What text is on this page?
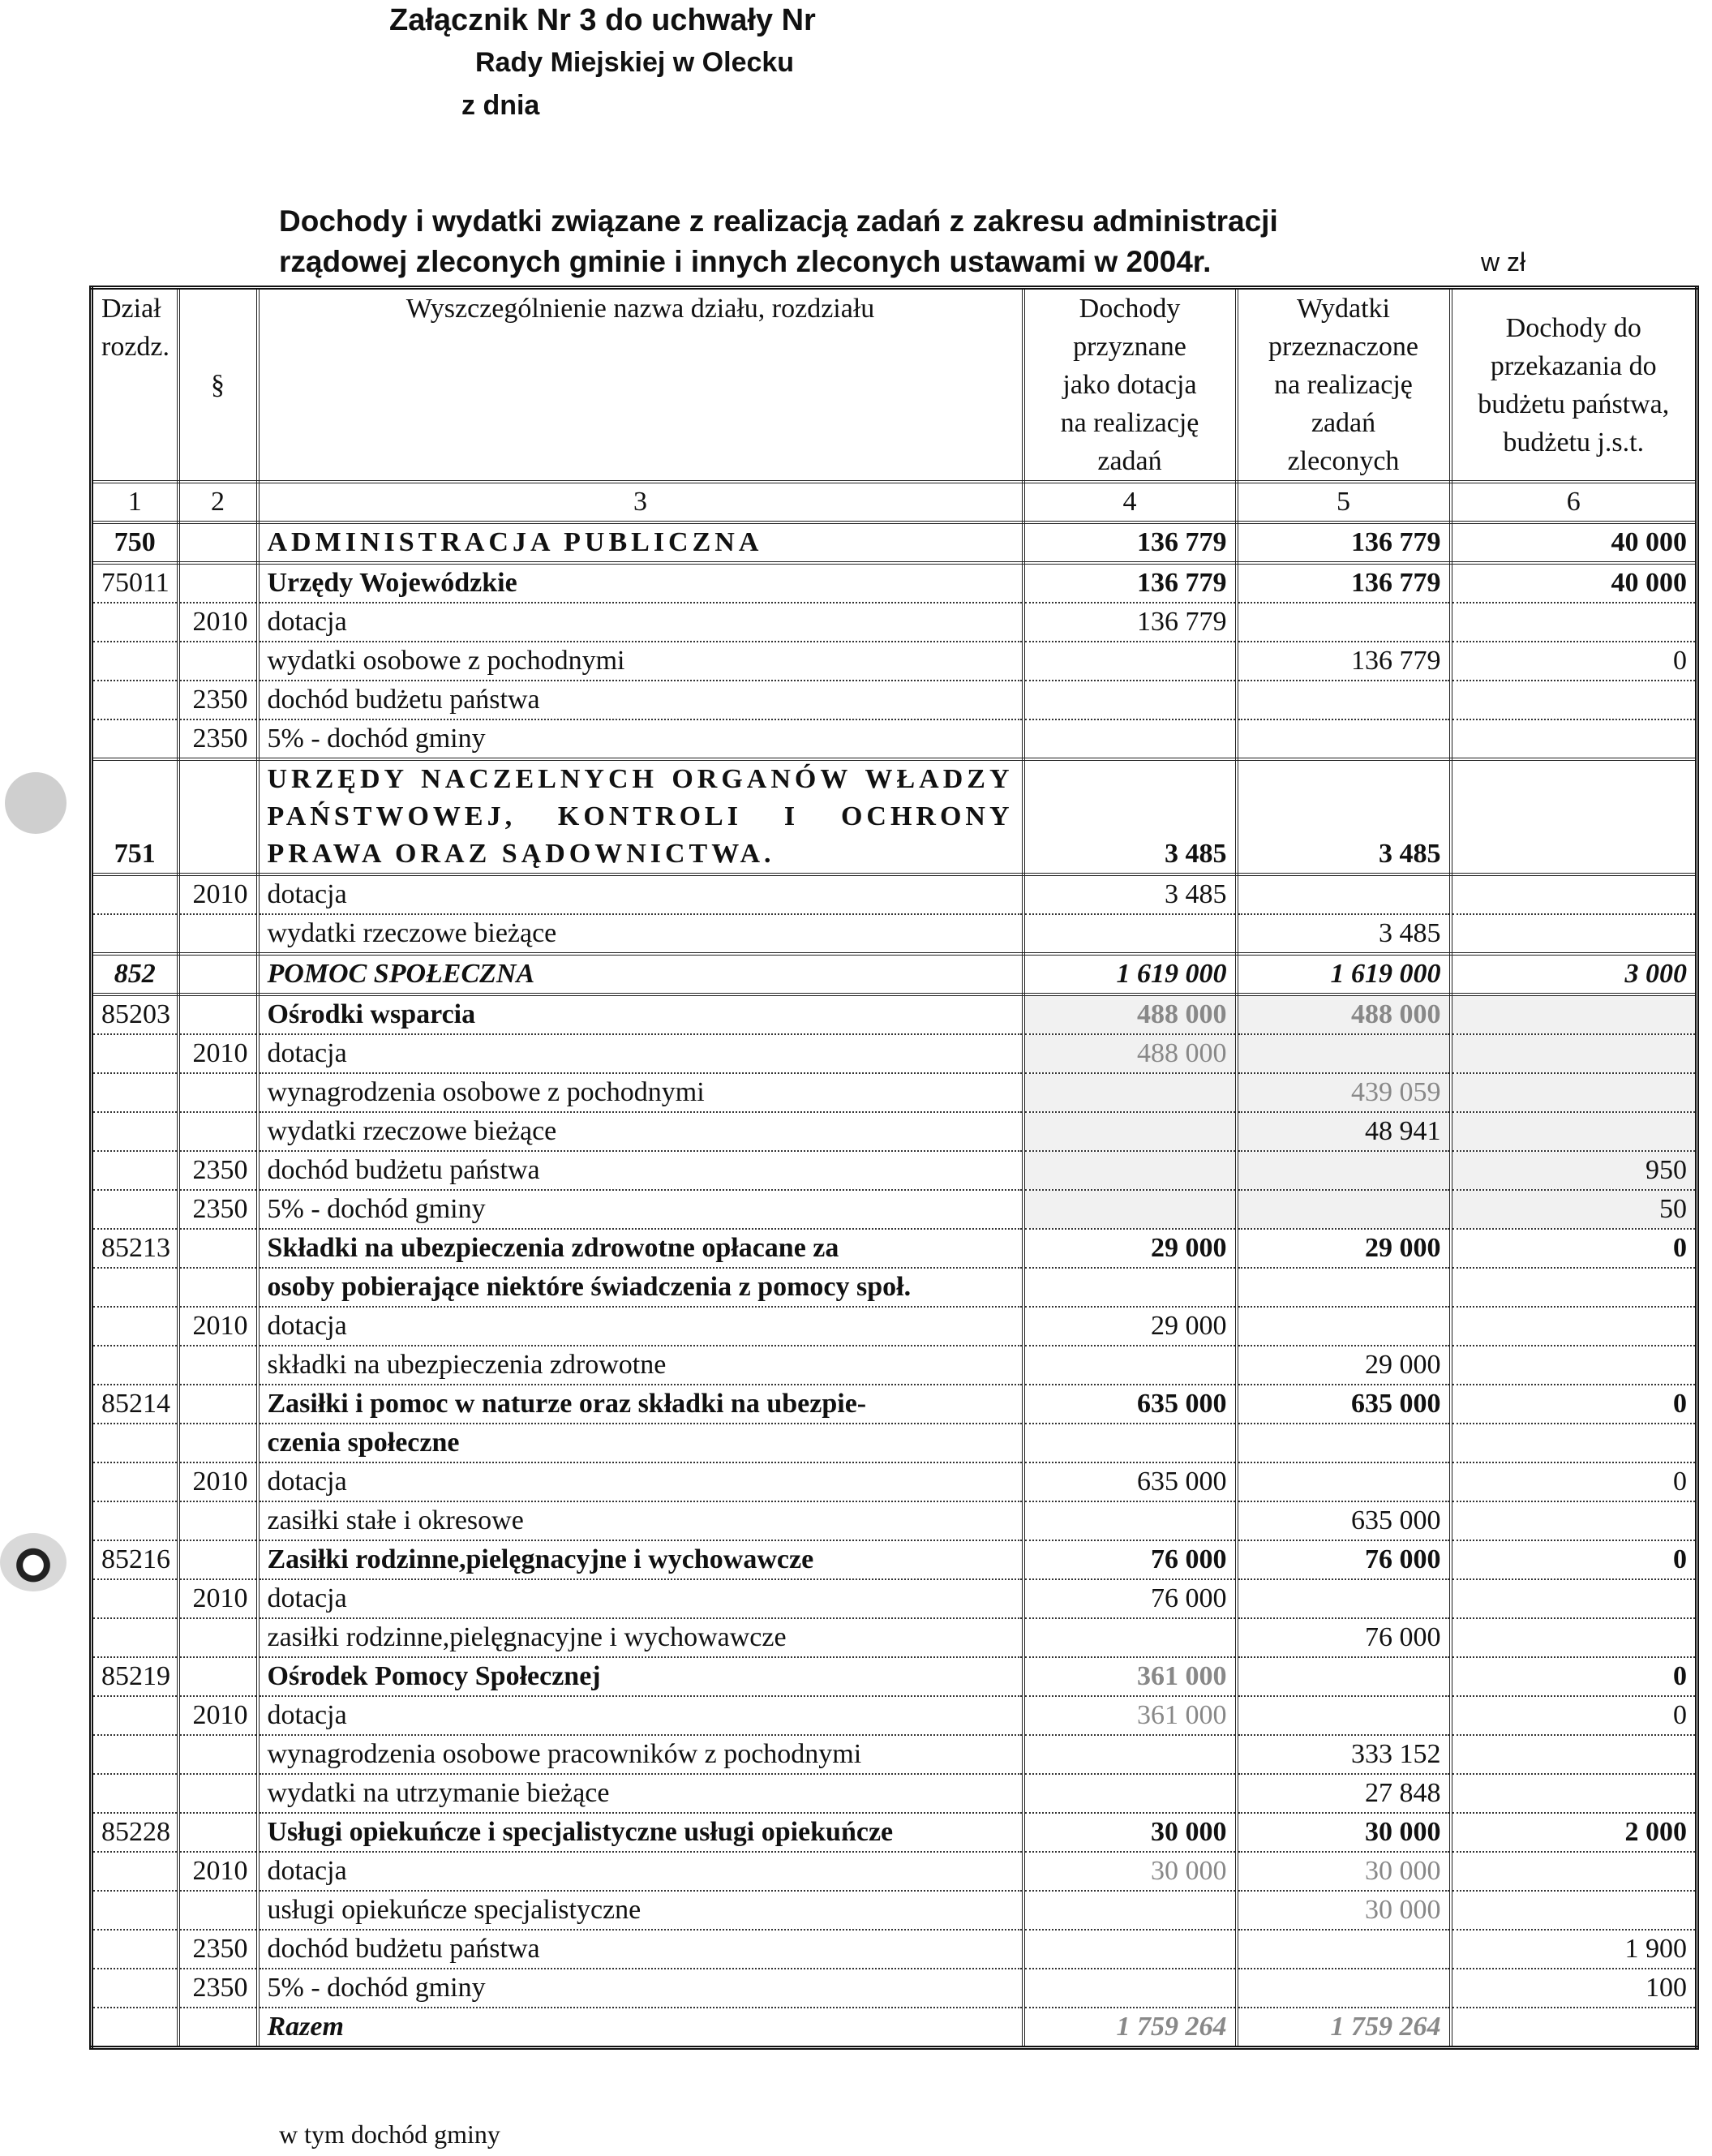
Załącznik Nr 3 do uchwały Nr
Rady Miejskiej w Olecku
z dnia
Dochody i wydatki związane z realizacją zadań z zakresu administracji
rządowej zleconych gminie i innych zleconych ustawami w 2004r.	w zł
Dział rozdz.	§	Wyszczególnienie nazwa działu, rozdziału	Dochody przyznane jako dotacja na realizację zadań	Wydatki przeznaczone na realizację zadań zleconych	Dochody do przekazania do budżetu państwa, budżetu j.s.t.
1	2	3	4	5	6
750		ADMINISTRACJA PUBLICZNA	136 779	136 779	40 000
75011		Urzędy Wojewódzkie	136 779	136 779	40 000
	2010	dotacja	136 779		
		wydatki osobowe z pochodnymi		136 779	0
	2350	dochód budżetu państwa			
	2350	5% - dochód gminy			
751		URZĘDY NACZELNYCH ORGANÓW WŁADZY PAŃSTWOWEJ, KONTROLI I OCHRONY PRAWA ORAZ SĄDOWNICTWA.	3 485	3 485	
	2010	dotacja	3 485		
		wydatki rzeczowe bieżące		3 485	
852		POMOC SPOŁECZNA	1 619 000	1 619 000	3 000
85203		Ośrodki wsparcia	488 000	488 000	
	2010	dotacja	488 000		
		wynagrodzenia osobowe z pochodnymi		439 059	
		wydatki rzeczowe bieżące		48 941	
	2350	dochód budżetu państwa			950
	2350	5% - dochód gminy			50
85213		Składki na ubezpieczenia zdrowotne opłacane za	29 000	29 000	0
		osoby pobierające niektóre świadczenia z pomocy społ.			
	2010	dotacja	29 000		
		składki na ubezpieczenia zdrowotne		29 000	
85214		Zasiłki i pomoc w naturze oraz składki na ubezpie-	635 000	635 000	0
		czenia społeczne			
	2010	dotacja	635 000		0
		zasiłki stałe i okresowe		635 000	
85216		Zasiłki rodzinne,pielęgnacyjne i wychowawcze	76 000	76 000	0
	2010	dotacja	76 000		
		zasiłki rodzinne,pielęgnacyjne i wychowawcze		76 000	
85219		Ośrodek Pomocy Społecznej	361 000		0
	2010	dotacja	361 000		0
		wynagrodzenia osobowe pracowników z pochodnymi		333 152	
		wydatki na utrzymanie bieżące		27 848	
85228		Usługi opiekuńcze i specjalistyczne usługi opiekuńcze	30 000	30 000	2 000
	2010	dotacja	30 000	30 000	
		usługi opiekuńcze specjalistyczne		30 000	
	2350	dochód budżetu państwa			1 900
	2350	5% - dochód gminy			100
		Razem	1 759 264	1 759 264	
w tym dochód gminy
